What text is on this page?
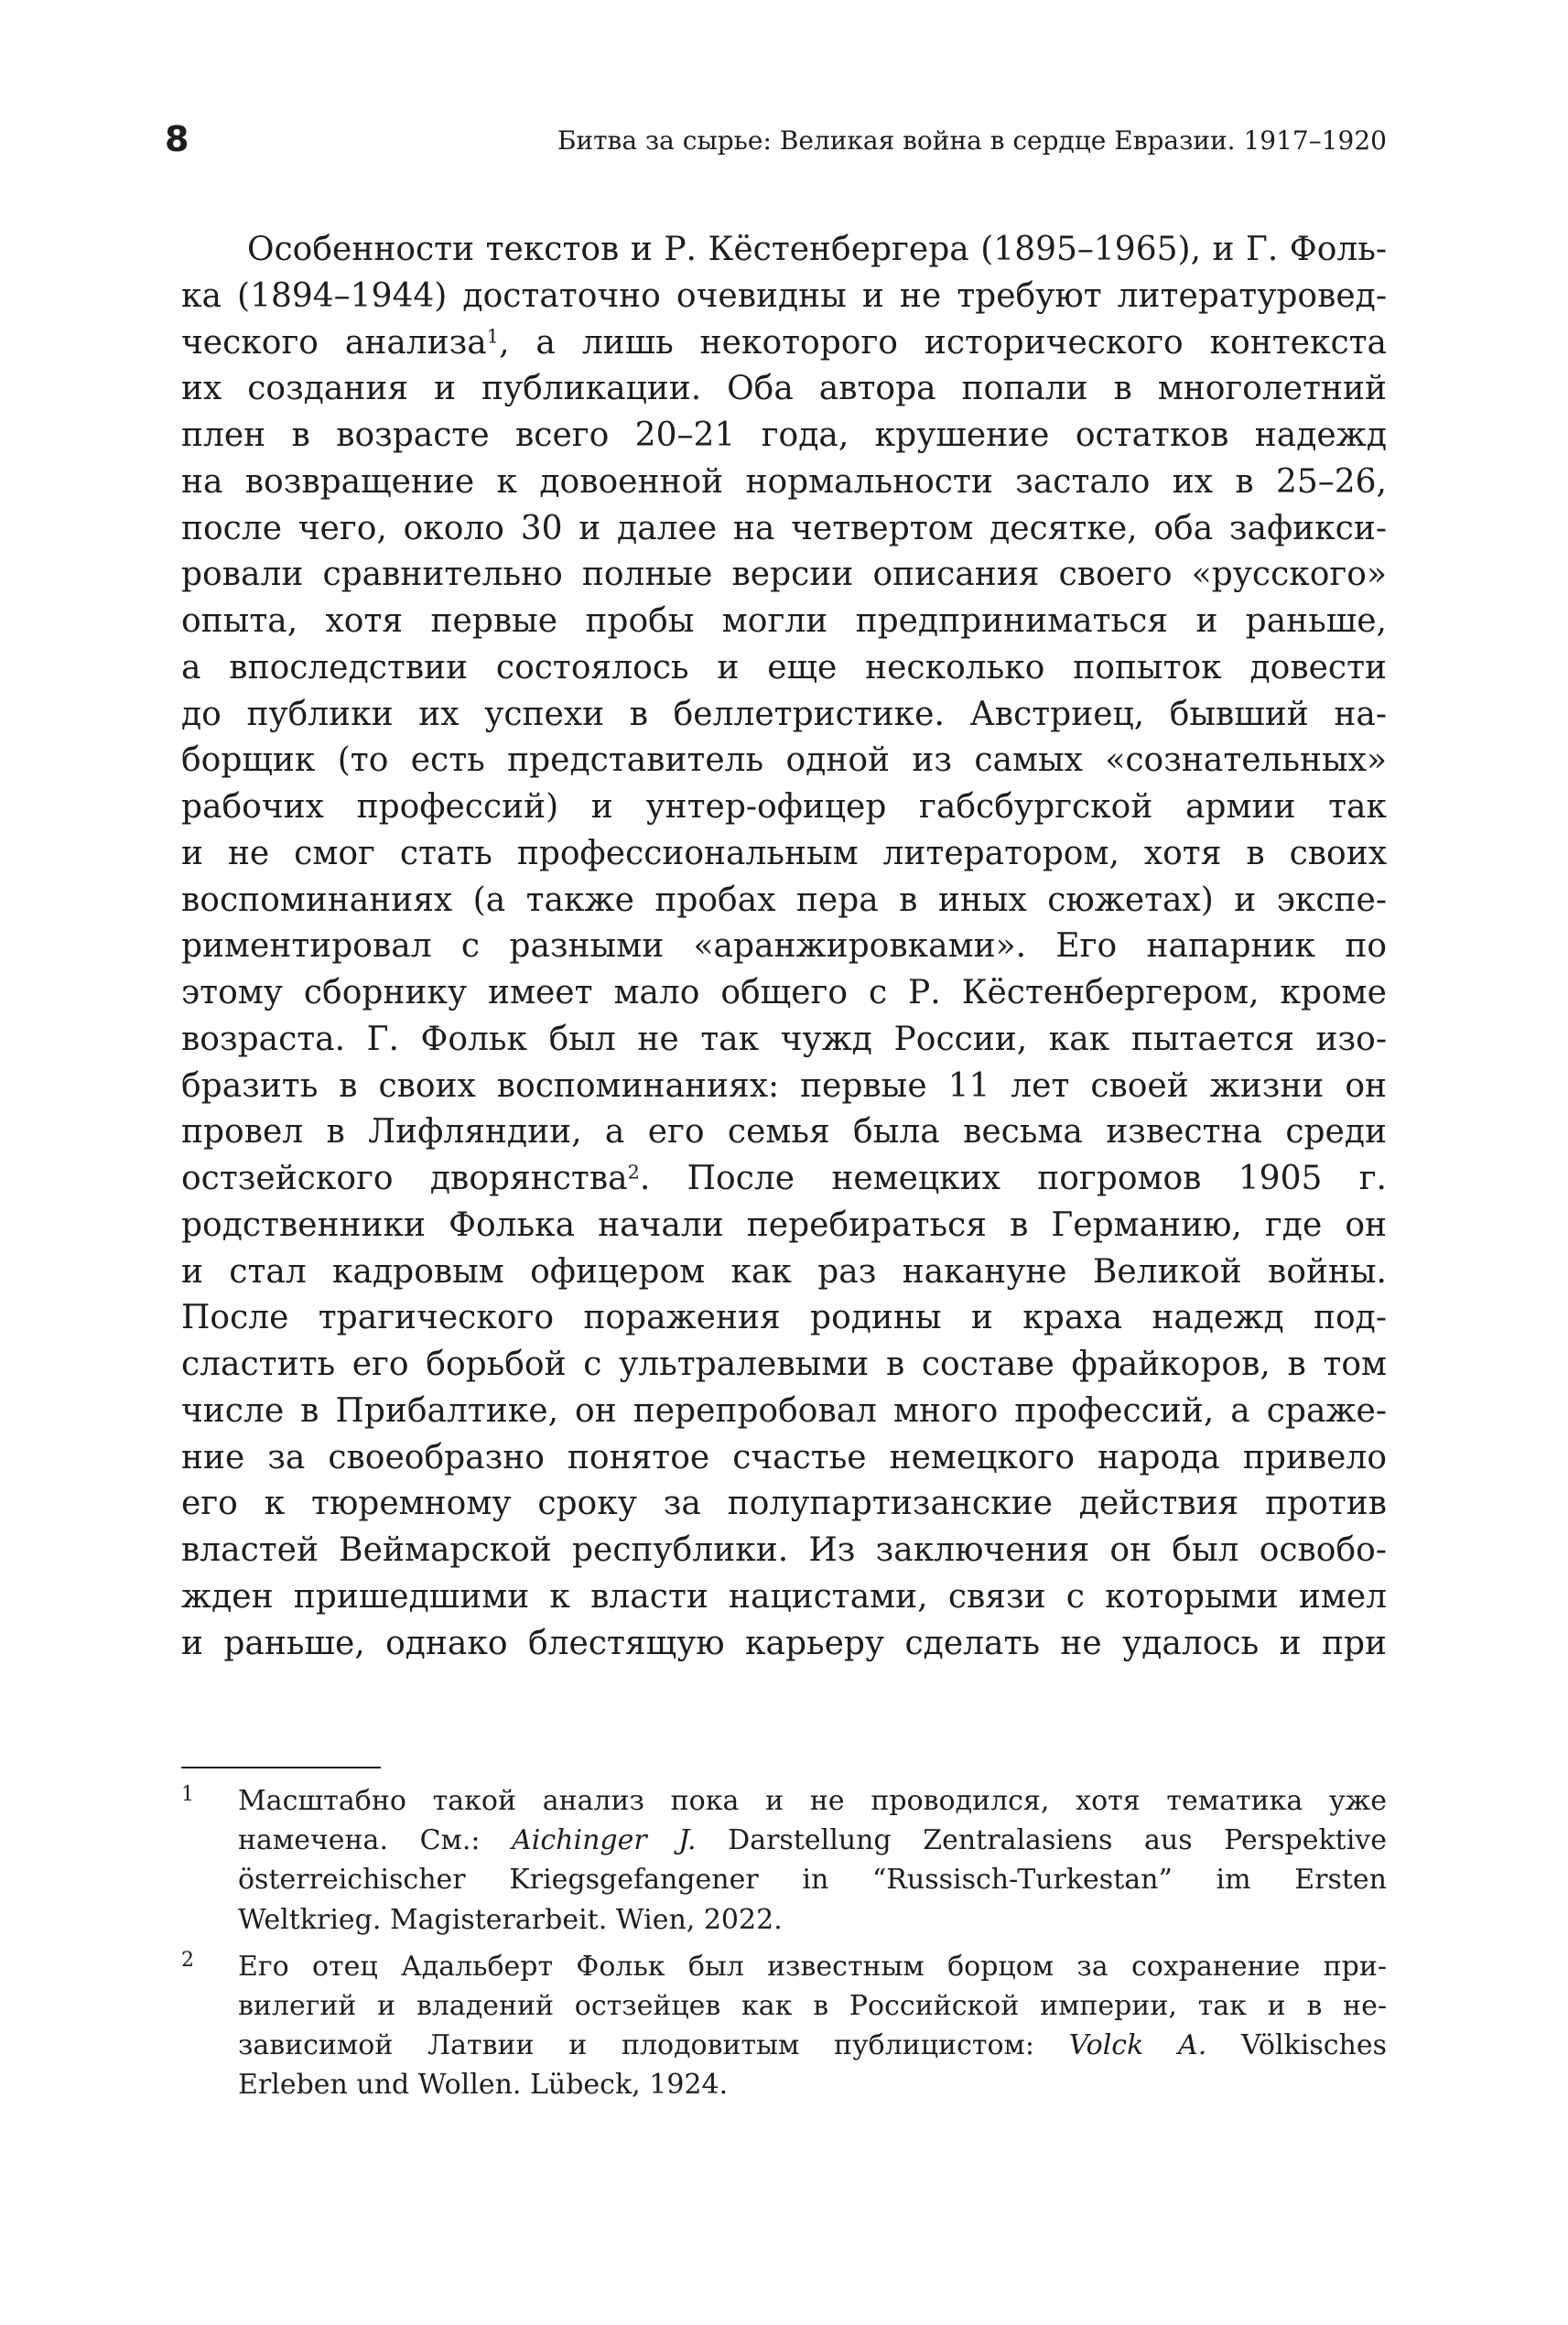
8	Битва за сырье: Великая война в сердце Евразии. 1917–1920
Особенности текстов и Р. Кёстенбергера (1895–1965), и Г. Фоль-
ка (1894–1944) достаточно очевидны и не требуют литературовед-
ческого анализа$^1$, а лишь некоторого исторического контекста
их создания и публикации. Оба автора попали в многолетний
плен в возрасте всего 20–21 года, крушение остатков надежд
на возвращение к довоенной нормальности застало их в 25–26,
после чего, около 30 и далее на четвертом десятке, оба зафикси-
ровали сравнительно полные версии описания своего «русского»
опыта, хотя первые пробы могли предприниматься и раньше,
а впоследствии состоялось и еще несколько попыток довести
до публики их успехи в беллетристике. Австриец, бывший на-
борщик (то есть представитель одной из самых «сознательных»
рабочих профессий) и унтер-офицер габсбургской армии так
и не смог стать профессиональным литератором, хотя в своих
воспоминаниях (а также пробах пера в иных сюжетах) и экспе-
риментировал с разными «аранжировками». Его напарник по
этому сборнику имеет мало общего с Р. Кёстенбергером, кроме
возраста. Г. Фольк был не так чужд России, как пытается изо-
бразить в своих воспоминаниях: первые 11 лет своей жизни он
провел в Лифляндии, а его семья была весьма известна среди
остзейского дворянства$^2$. После немецких погромов 1905 г.
родственники Фолька начали перебираться в Германию, где он
и стал кадровым офицером как раз накануне Великой войны.
После трагического поражения родины и краха надежд под-
сластить его борьбой с ультралевыми в составе фрайкоров, в том
числе в Прибалтике, он перепробовал много профессий, а сраже-
ние за своеобразно понятое счастье немецкого народа привело
его к тюремному сроку за полупартизанские действия против
властей Веймарской республики. Из заключения он был освобо-
жден пришедшими к власти нацистами, связи с которыми имел
и раньше, однако блестящую карьеру сделать не удалось и при
1 Масштабно такой анализ пока и не проводился, хотя тематика уже
намечена. См.: Aichinger J. Darstellung Zentralasiens aus Perspektive
österreichischer Kriegsgefangener in “Russisch-Turkestan” im Ersten
Weltkrieg. Magisterarbeit. Wien, 2022.
2 Его отец Адальберт Фольк был известным борцом за сохранение при-
вилегий и владений остзейцев как в Российской империи, так и в не-
зависимой Латвии и плодовитым публицистом: Volck A. Völkisches
Erleben und Wollen. Lübeck, 1924.
